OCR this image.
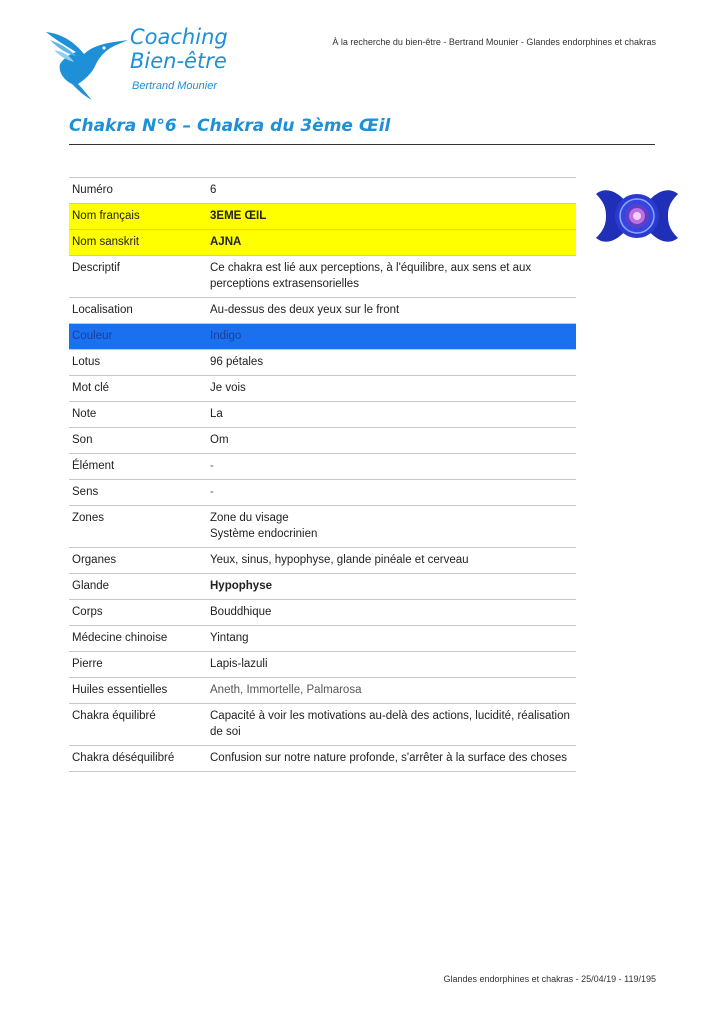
Coaching
Bien-être
Bertrand Mounier
À la recherche du bien-être - Bertrand Mounier - Glandes endorphines et chakras
Chakra N°6 – Chakra du 3ème Œil
Numéro	6
Nom français	3EME ŒIL
Nom sanskrit	AJNA
Descriptif	Ce chakra est lié aux perceptions, à l'équilibre, aux sens et aux perceptions extrasensorielles
Localisation	Au-dessus des deux yeux sur le front
Couleur	Indigo
Lotus	96 pétales
Mot clé	Je vois
Note	La
Son	Om
Élément	-
Sens	-
Zones	Zone du visage
Système endocrinien

Organes	Yeux, sinus, hypophyse, glande pinéale et cerveau
Glande	Hypophyse
Corps	Bouddhique
Médecine chinoise	Yintang
Pierre	Lapis-lazuli
Huiles essentielles	Aneth, Immortelle, Palmarosa
Chakra équilibré	Capacité à voir les motivations au-delà des actions, lucidité, réalisation de soi
Chakra déséquilibré	Confusion sur notre nature profonde, s'arrêter à la surface des choses
Glandes endorphines et chakras - 25/04/19 - 119/195
